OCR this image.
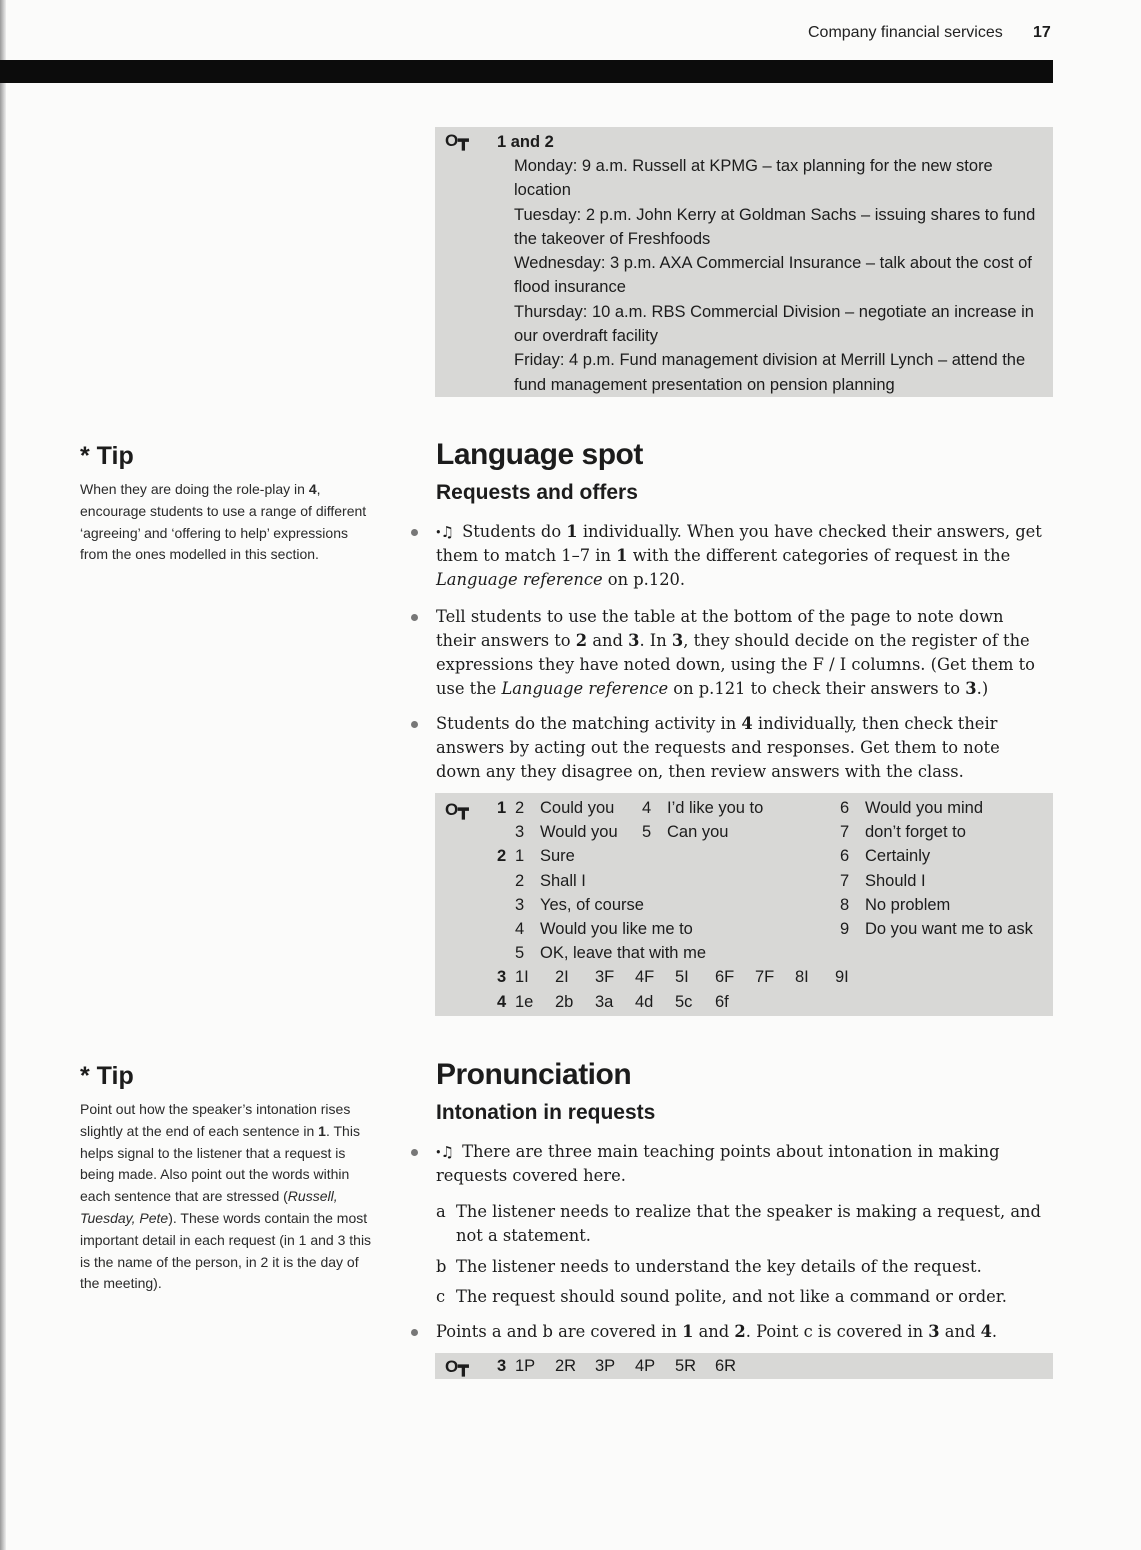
Company financial services 17
O┳ 1 and 2
Monday: 9 a.m. Russell at KPMG – tax planning for the new store location
Tuesday: 2 p.m. John Kerry at Goldman Sachs – issuing shares to fund the takeover of Freshfoods
Wednesday: 3 p.m. AXA Commercial Insurance – talk about the cost of flood insurance
Thursday: 10 a.m. RBS Commercial Division – negotiate an increase in our overdraft facility
Friday: 4 p.m. Fund management division at Merrill Lynch – attend the fund management presentation on pension planning
* Tip
When they are doing the role-play in 4, encourage students to use a range of different ‘agreeing’ and ‘offering to help’ expressions from the ones modelled in this section.
Language spot
Requests and offers
ꞏ♫ Students do 1 individually. When you have checked their answers, get them to match 1–7 in 1 with the different categories of request in the Language reference on p.120.
Tell students to use the table at the bottom of the page to note down their answers to 2 and 3. In 3, they should decide on the register of the expressions they have noted down, using the F / I columns. (Get them to use the Language reference on p.121 to check their answers to 3.)
Students do the matching activity in 4 individually, then check their answers by acting out the requests and responses. Get them to note down any they disagree on, then review answers with the class.
O┳ 1 2 Could you
3 Would you
4 I’d like you to
5 Can you
6 Would you mind
7 don’t forget to
2 1 Sure
2 Shall I
3 Yes, of course
4 Would you like me to
5 OK, leave that with me
6 Certainly
7 Should I
8 No problem
9 Do you want me to ask
3 1I 2I 3F 4F 5I 6F 7F 8I 9I
4 1e 2b 3a 4d 5c 6f
* Tip
Point out how the speaker’s intonation rises slightly at the end of each sentence in 1. This helps signal to the listener that a request is being made. Also point out the words within each sentence that are stressed (Russell, Tuesday, Pete). These words contain the most important detail in each request (in 1 and 3 this is the name of the person, in 2 it is the day of the meeting).
Pronunciation
Intonation in requests
ꞏ♫ There are three main teaching points about intonation in making requests covered here.
a The listener needs to realize that the speaker is making a request, and not a statement.
b The listener needs to understand the key details of the request.
c The request should sound polite, and not like a command or order.
Points a and b are covered in 1 and 2. Point c is covered in 3 and 4.
O┳ 3 1P 2R 3P 4P 5R 6R
